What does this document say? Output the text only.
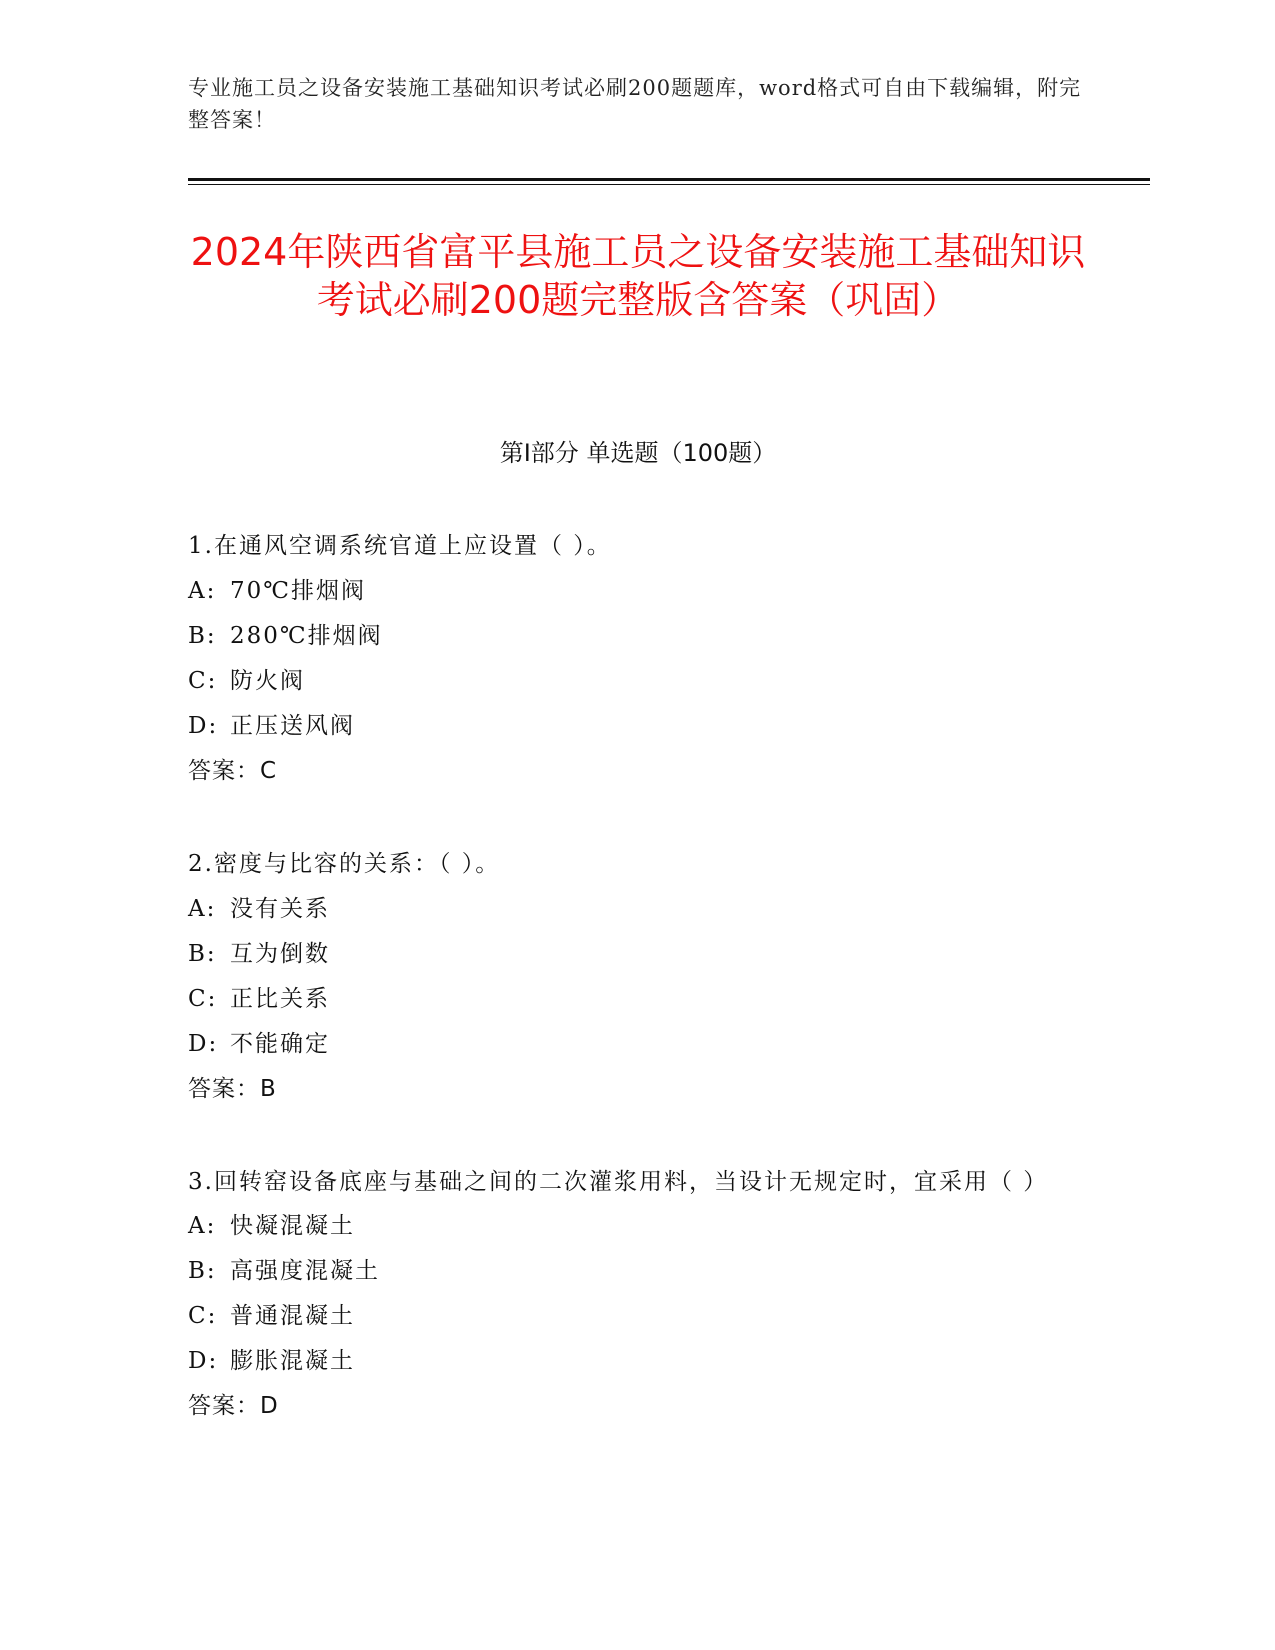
专业施工员之设备安装施工基础知识考试必刷200题题库，word格式可自由下载编辑，附完整答案！
2024年陕西省富平县施工员之设备安装施工基础知识考试必刷200题完整版含答案（巩固）
第I部分 单选题（100题）
1.在通风空调系统官道上应设置（ ）。
A: 70℃排烟阀
B: 280℃排烟阀
C: 防火阀
D: 正压送风阀
答案：C
2.密度与比容的关系：（ ）。
A: 没有关系
B: 互为倒数
C: 正比关系
D: 不能确定
答案：B
3.回转窑设备底座与基础之间的二次灌浆用料，当设计无规定时，宜采用（ ）
A: 快凝混凝土
B: 高强度混凝土
C: 普通混凝土
D: 膨胀混凝土
答案：D
